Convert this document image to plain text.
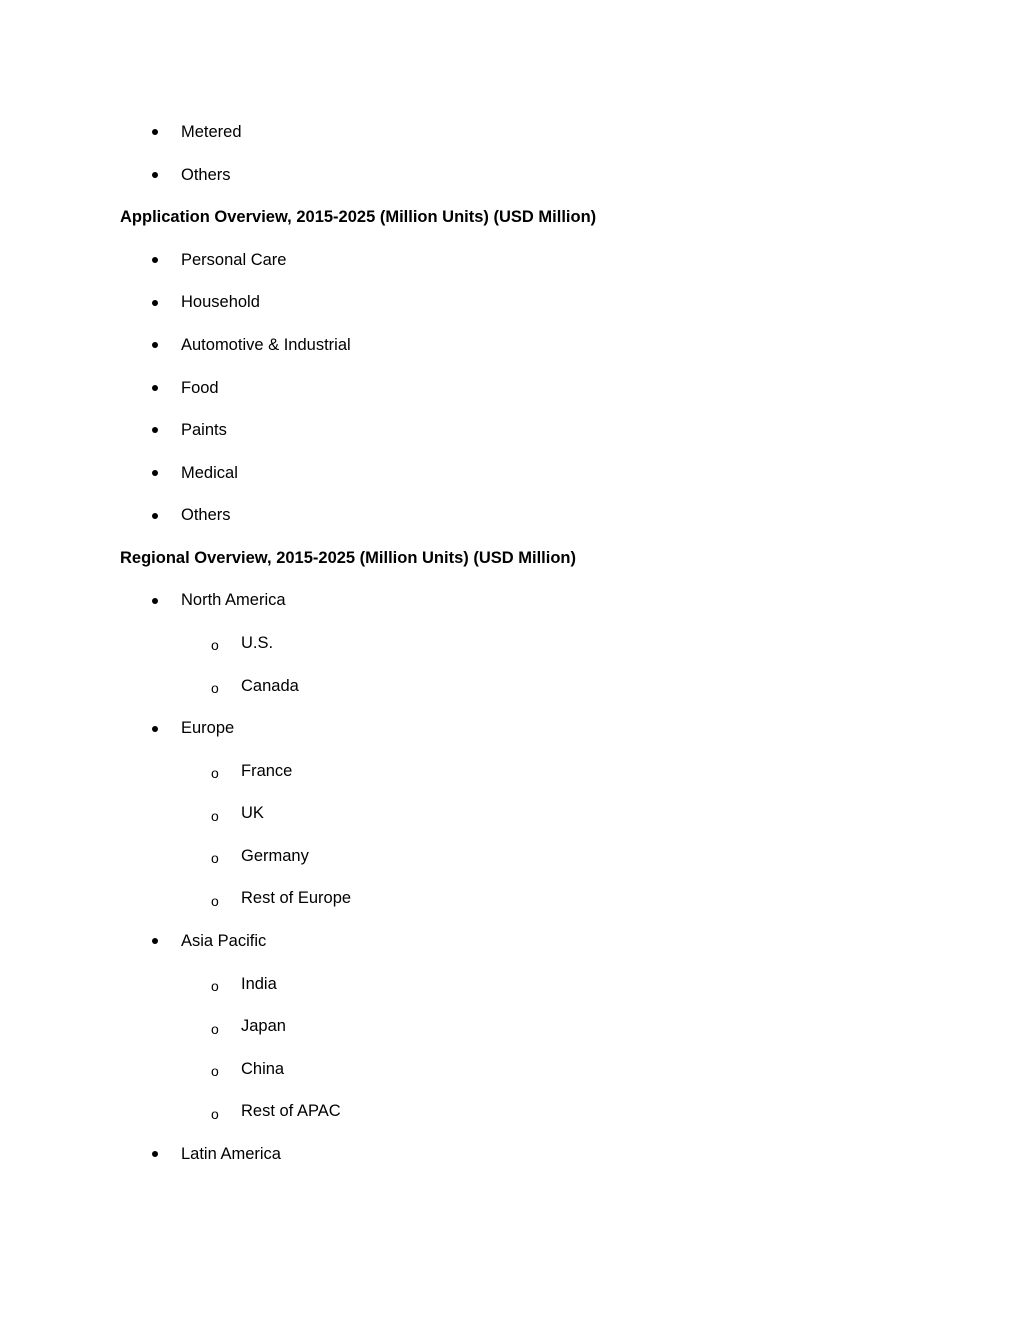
Metered
Others
Application Overview, 2015-2025 (Million Units) (USD Million)
Personal Care
Household
Automotive & Industrial
Food
Paints
Medical
Others
Regional Overview, 2015-2025 (Million Units) (USD Million)
North America
o U.S.
o Canada
Europe
o France
o UK
o Germany
o Rest of Europe
Asia Pacific
o India
o Japan
o China
o Rest of APAC
Latin America
